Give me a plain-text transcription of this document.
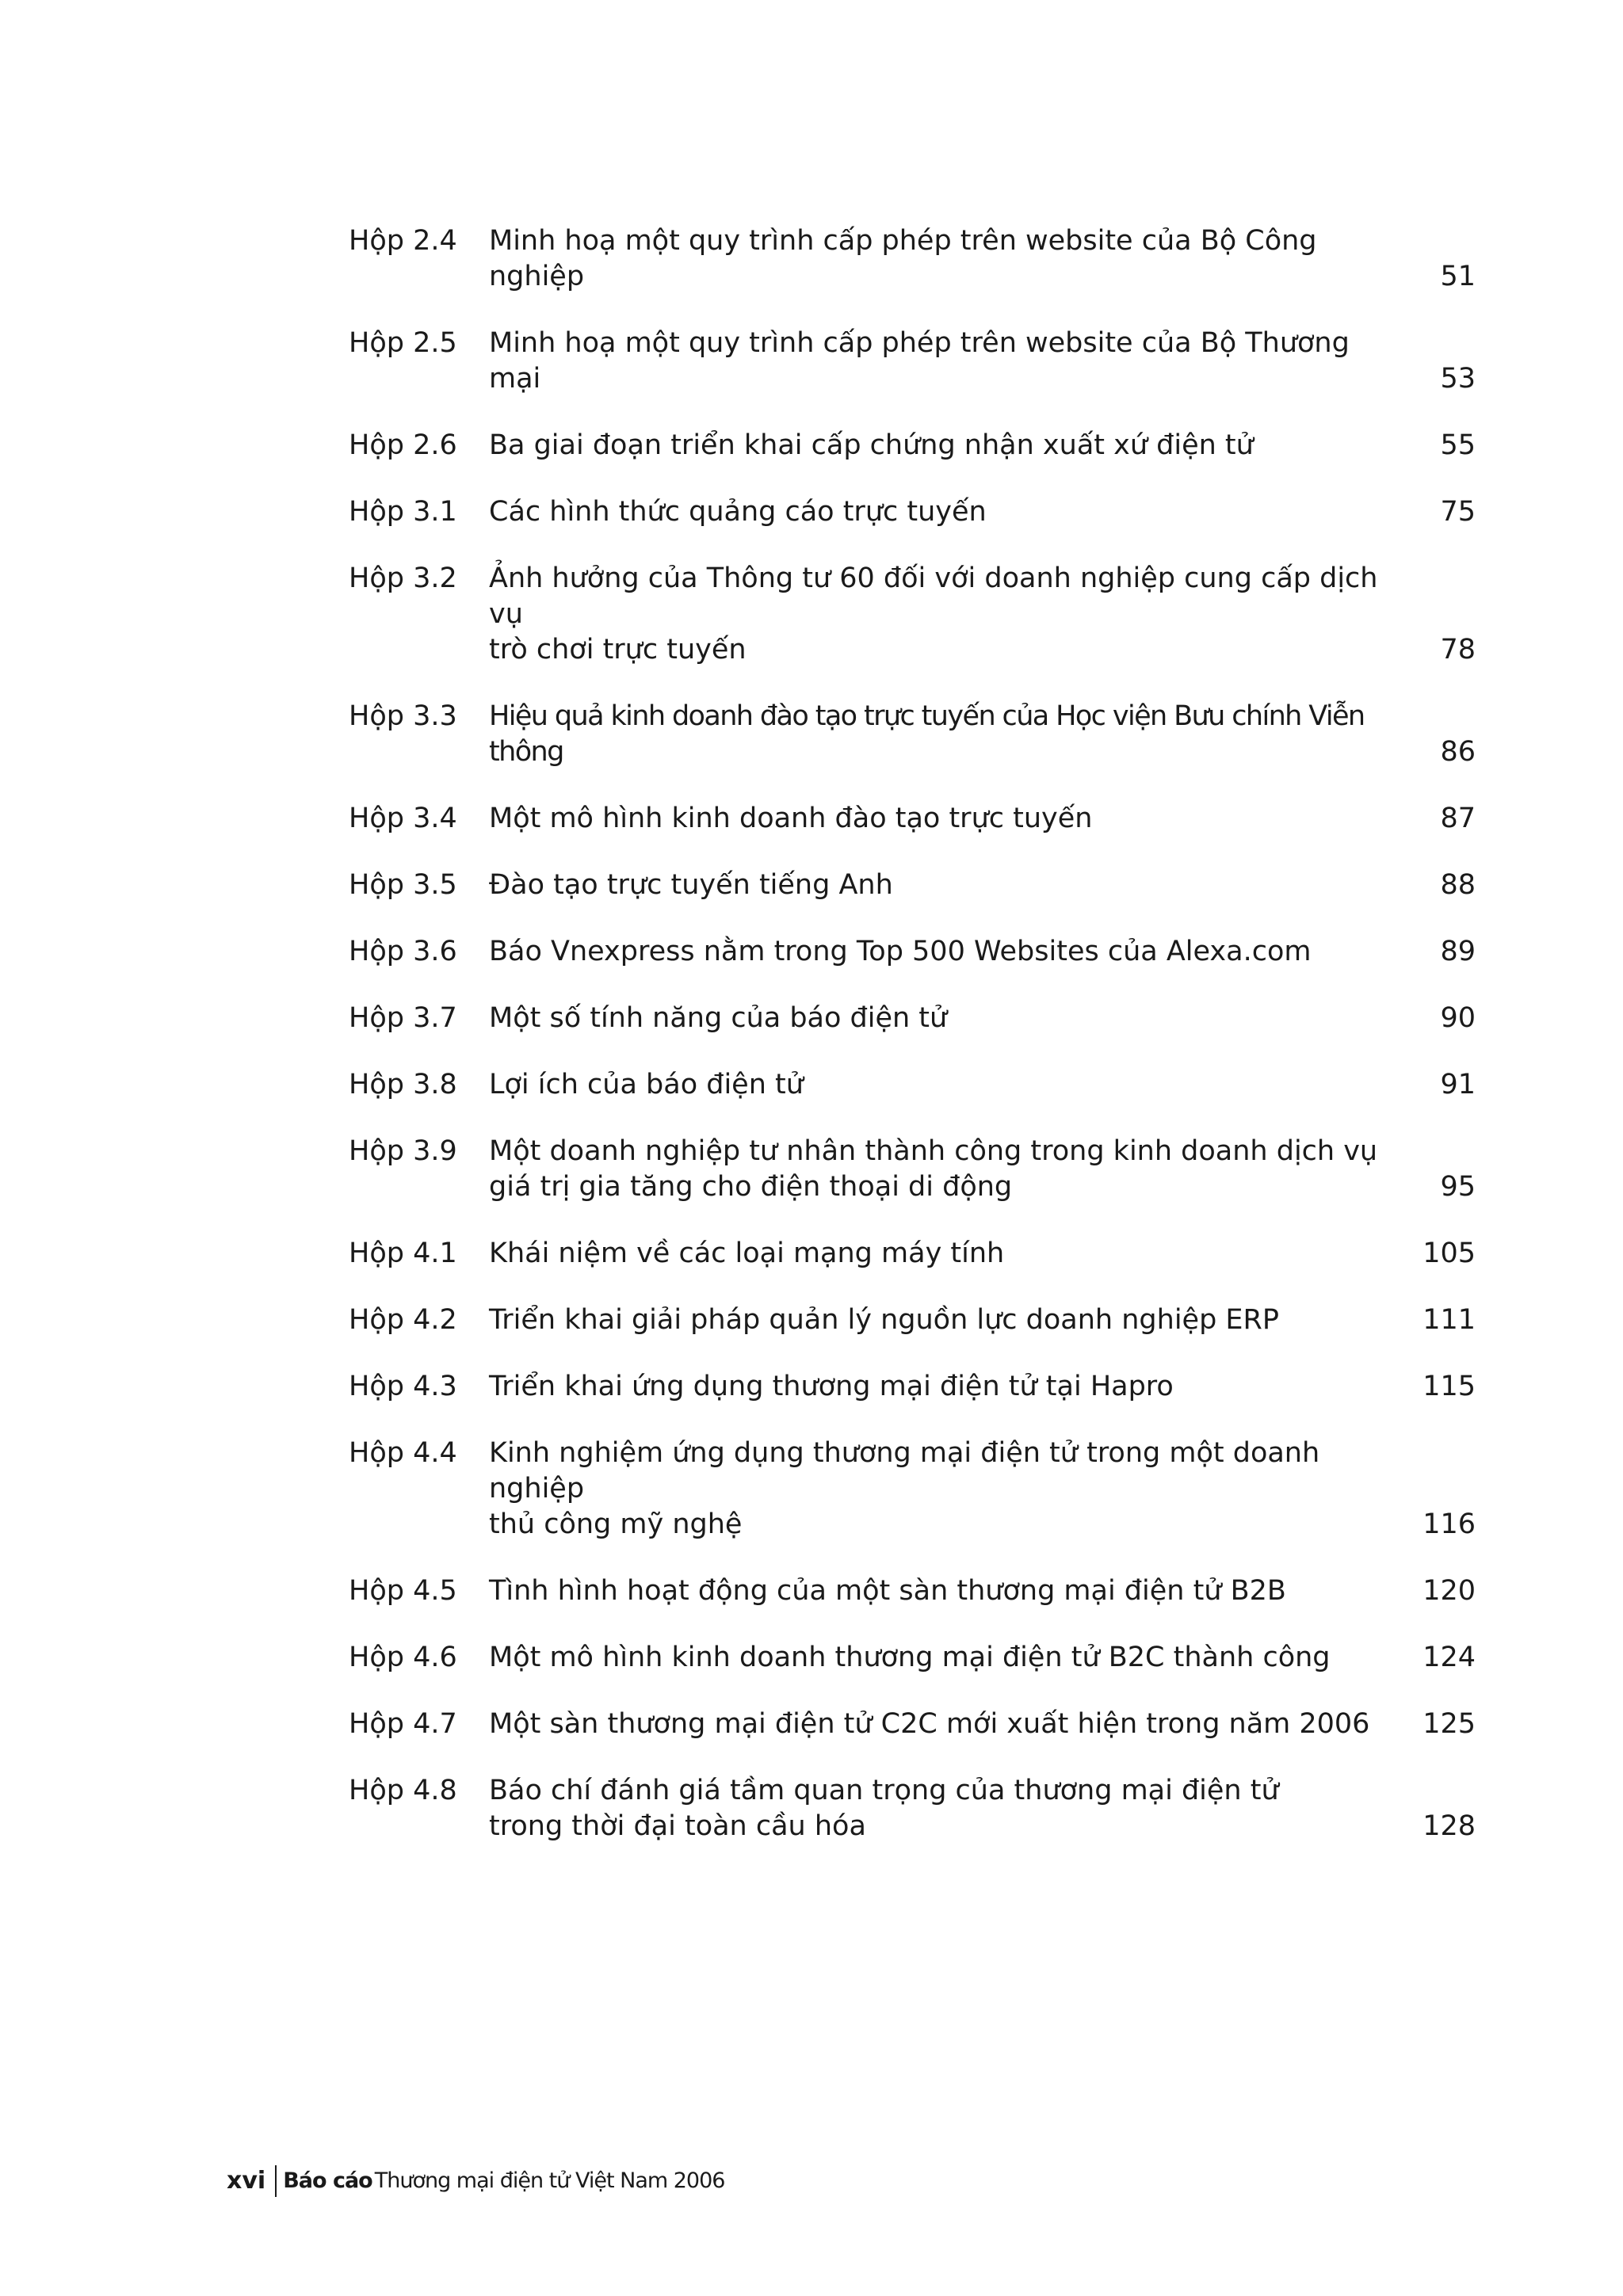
Hộp 2.4	Minh hoạ một quy trình cấp phép trên website của Bộ Công nghiệp	51
Hộp 2.5	Minh hoạ một quy trình cấp phép trên website của Bộ Thương mại	53
Hộp 2.6	Ba giai đoạn triển khai cấp chứng nhận xuất xứ điện tử	55
Hộp 3.1	Các hình thức quảng cáo trực tuyến	75
Hộp 3.2	Ảnh hưởng của Thông tư 60 đối với doanh nghiệp cung cấp dịch vụ
trò chơi trực tuyến	78
Hộp 3.3	Hiệu quả kinh doanh đào tạo trực tuyến của Học viện Bưu chính Viễn thông	86
Hộp 3.4	Một mô hình kinh doanh đào tạo trực tuyến	87
Hộp 3.5	Đào tạo trực tuyến tiếng Anh	88
Hộp 3.6	Báo Vnexpress nằm trong Top 500 Websites của Alexa.com	89
Hộp 3.7	Một số tính năng của báo điện tử	90
Hộp 3.8	Lợi ích của báo điện tử	91
Hộp 3.9	Một doanh nghiệp tư nhân thành công trong kinh doanh dịch vụ
giá trị gia tăng cho điện thoại di động	95
Hộp 4.1	Khái niệm về các loại mạng máy tính	105
Hộp 4.2	Triển khai giải pháp quản lý nguồn lực doanh nghiệp ERP	111
Hộp 4.3	Triển khai ứng dụng thương mại điện tử tại Hapro	115
Hộp 4.4	Kinh nghiệm ứng dụng thương mại điện tử trong một doanh nghiệp
thủ công mỹ nghệ	116
Hộp 4.5	Tình hình hoạt động của một sàn thương mại điện tử B2B	120
Hộp 4.6	Một mô hình kinh doanh thương mại điện tử B2C thành công	124
Hộp 4.7	Một sàn thương mại điện tử C2C mới xuất hiện trong năm 2006	125
Hộp 4.8	Báo chí đánh giá tầm quan trọng của thương mại điện tử
trong thời đại toàn cầu hóa	128
xvi Báo cáo Thương mại điện tử Việt Nam 2006
